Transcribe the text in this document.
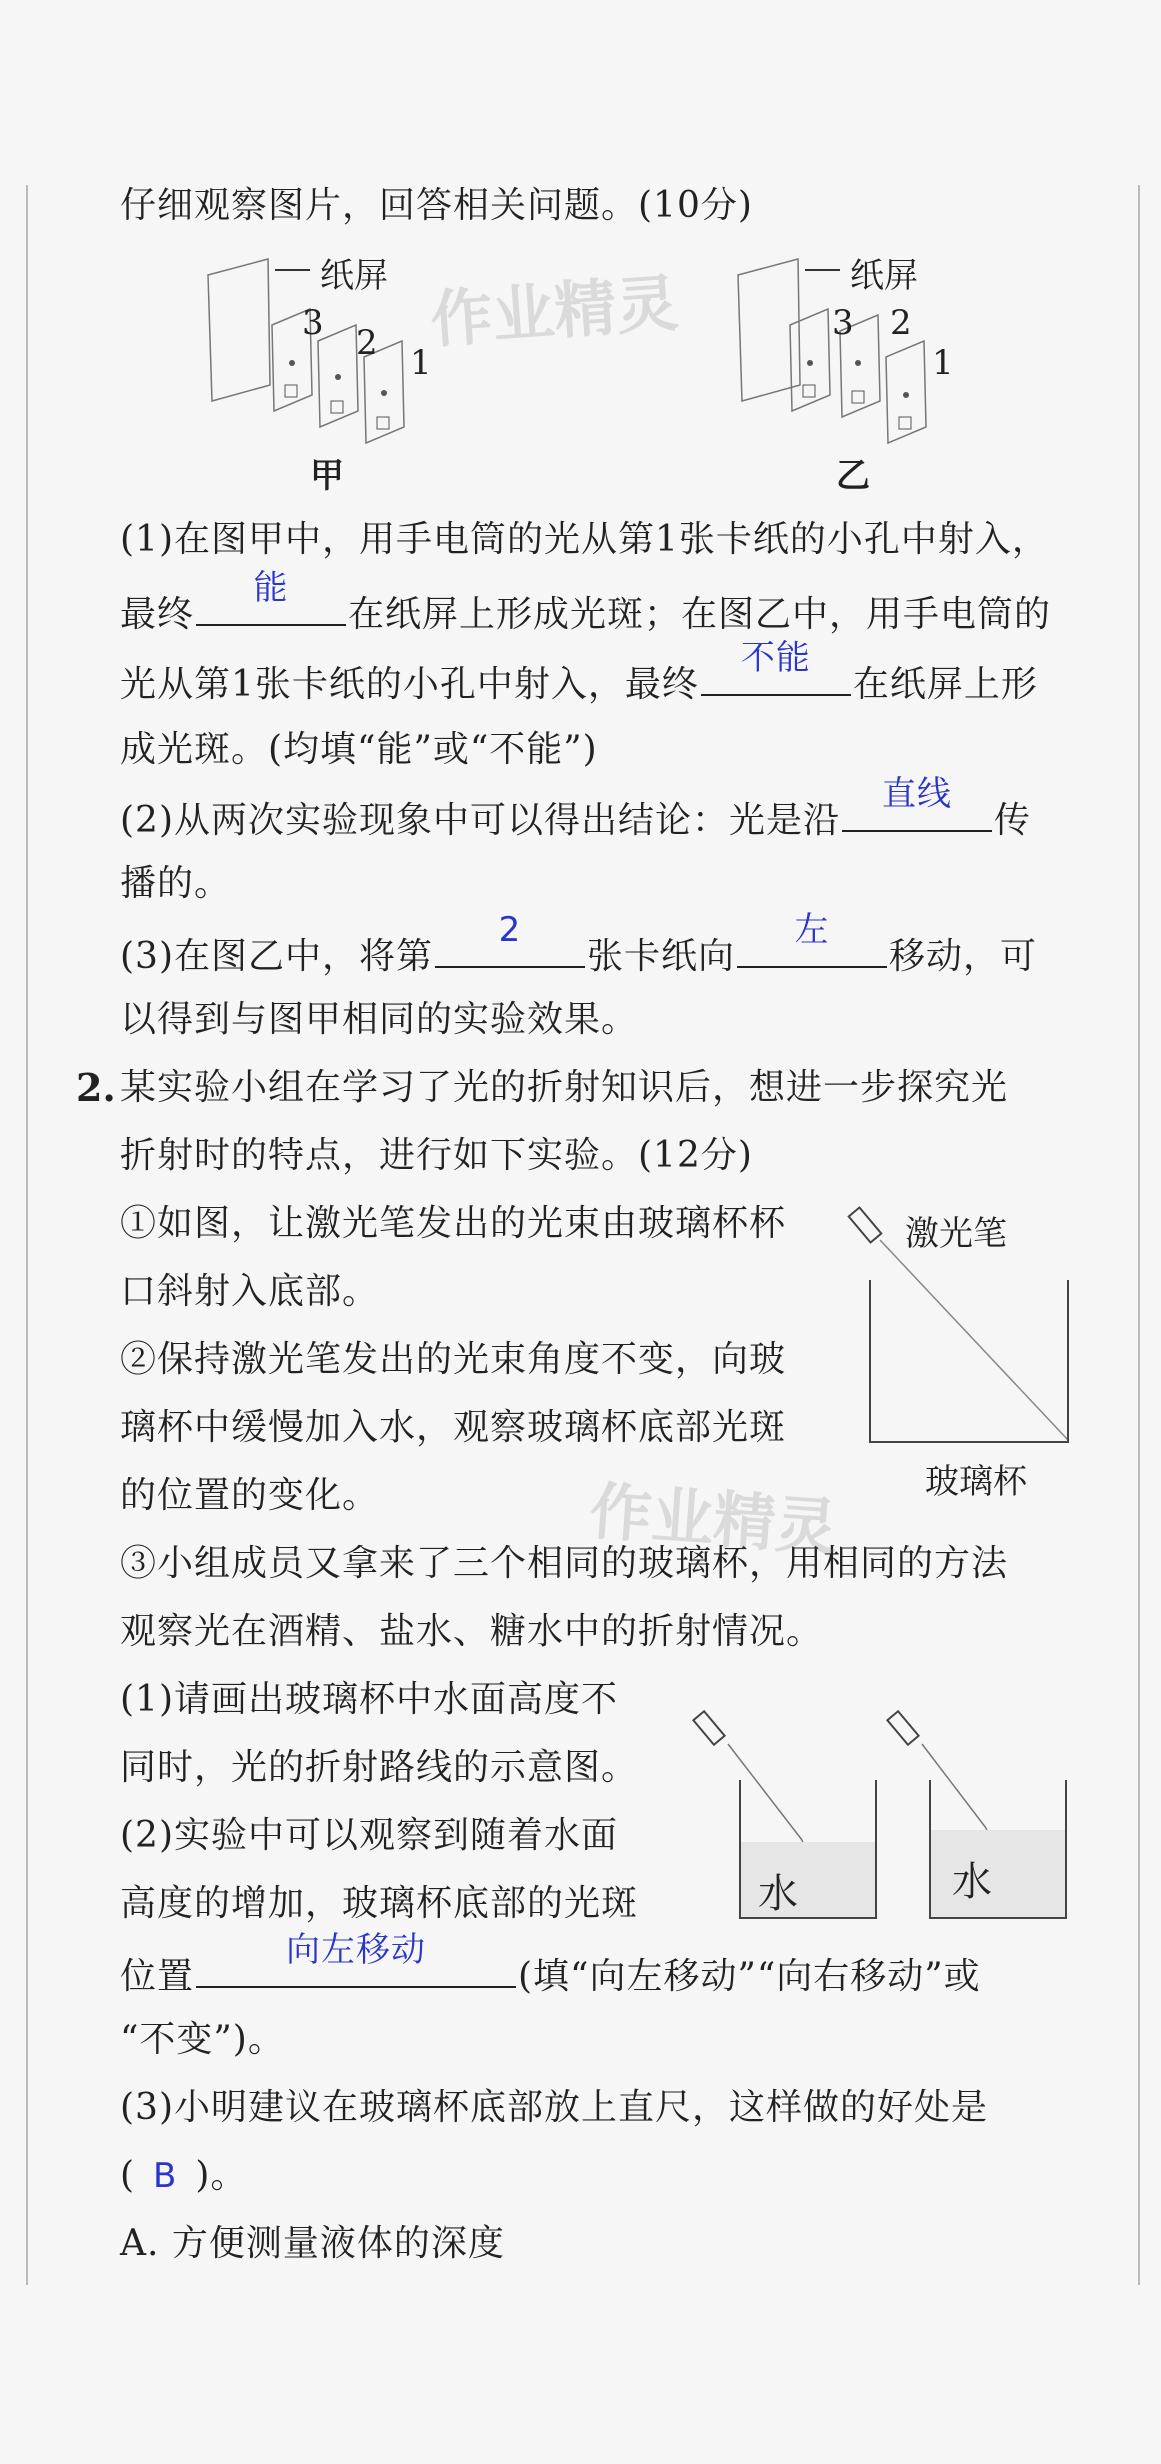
仔细观察图片，回答相关问题。(10分)
纸屏	纸屏
3 2 1
3 2
1
甲	乙
作业精灵
(1)在图甲中，用手电筒的光从第1张卡纸的小孔中射入，
最终
能
在纸屏上形成光斑；在图乙中，用手电筒的
光从第1张卡纸的小孔中射入，最终
不能
在纸屏上形
成光斑。(均填“能”或“不能”)
(2)从两次实验现象中可以得出结论：光是沿
直线
传
播的。
(3)在图乙中，将第
2
张卡纸向
左
移动，可
以得到与图甲相同的实验效果。
2. 某实验小组在学习了光的折射知识后，想进一步探究光
折射时的特点，进行如下实验。(12分)
①如图，让激光笔发出的光束由玻璃杯杯
口斜射入底部。
②保持激光笔发出的光束角度不变，向玻
璃杯中缓慢加入水，观察玻璃杯底部光斑
的位置的变化。
③小组成员又拿来了三个相同的玻璃杯，用相同的方法
观察光在酒精、盐水、糖水中的折射情况。
激光笔
玻璃杯
作业精灵
(1)请画出玻璃杯中水面高度不
同时，光的折射路线的示意图。
(2)实验中可以观察到随着水面
高度的增加，玻璃杯底部的光斑	水	水
位置
向左移动
(填“向左移动”“向右移动”或
“不变”)。
(3)小明建议在玻璃杯底部放上直尺，这样做的好处是
( B )。
A. 方便测量液体的深度
